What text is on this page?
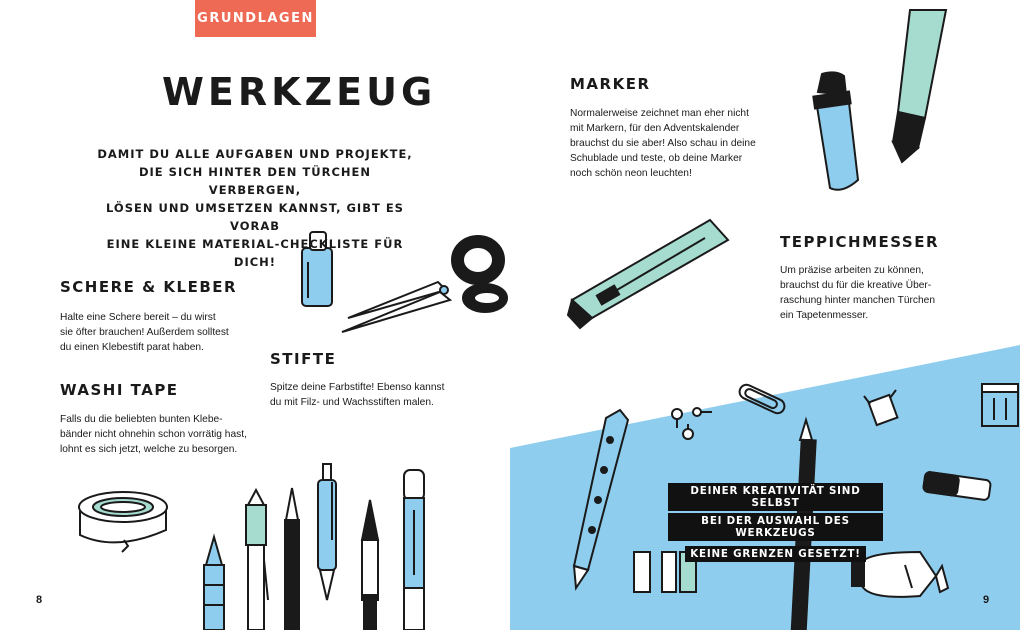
GRUNDLAGEN
WERKZEUG
DAMIT DU ALLE AUFGABEN UND PROJEKTE,
DIE SICH HINTER DEN TÜRCHEN VERBERGEN,
LÖSEN UND UMSETZEN KANNST, GIBT ES VORAB
EINE KLEINE MATERIAL-CHECKLISTE FÜR DICH!
SCHERE & KLEBER
Halte eine Schere bereit – du wirst
sie öfter brauchen! Außerdem solltest
du einen Klebestift parat haben.
WASHI TAPE
Falls du die beliebten bunten Klebe-
bänder nicht ohnehin schon vorrätig hast,
lohnt es sich jetzt, welche zu besorgen.
STIFTE
Spitze deine Farbstifte! Ebenso kannst
du mit Filz- und Wachsstiften malen.
MARKER
Normalerweise zeichnet man eher nicht
mit Markern, für den Adventskalender
brauchst du sie aber! Also schau in deine
Schublade und teste, ob deine Marker
noch schön neon leuchten!
TEPPICHMESSER
Um präzise arbeiten zu können,
brauchst du für die kreative Über-
raschung hinter manchen Türchen
ein Tapetenmesser.
DEINER KREATIVITÄT SIND SELBST
BEI DER AUSWAHL DES WERKZEUGS
KEINE GRENZEN GESETZT!
8	9
